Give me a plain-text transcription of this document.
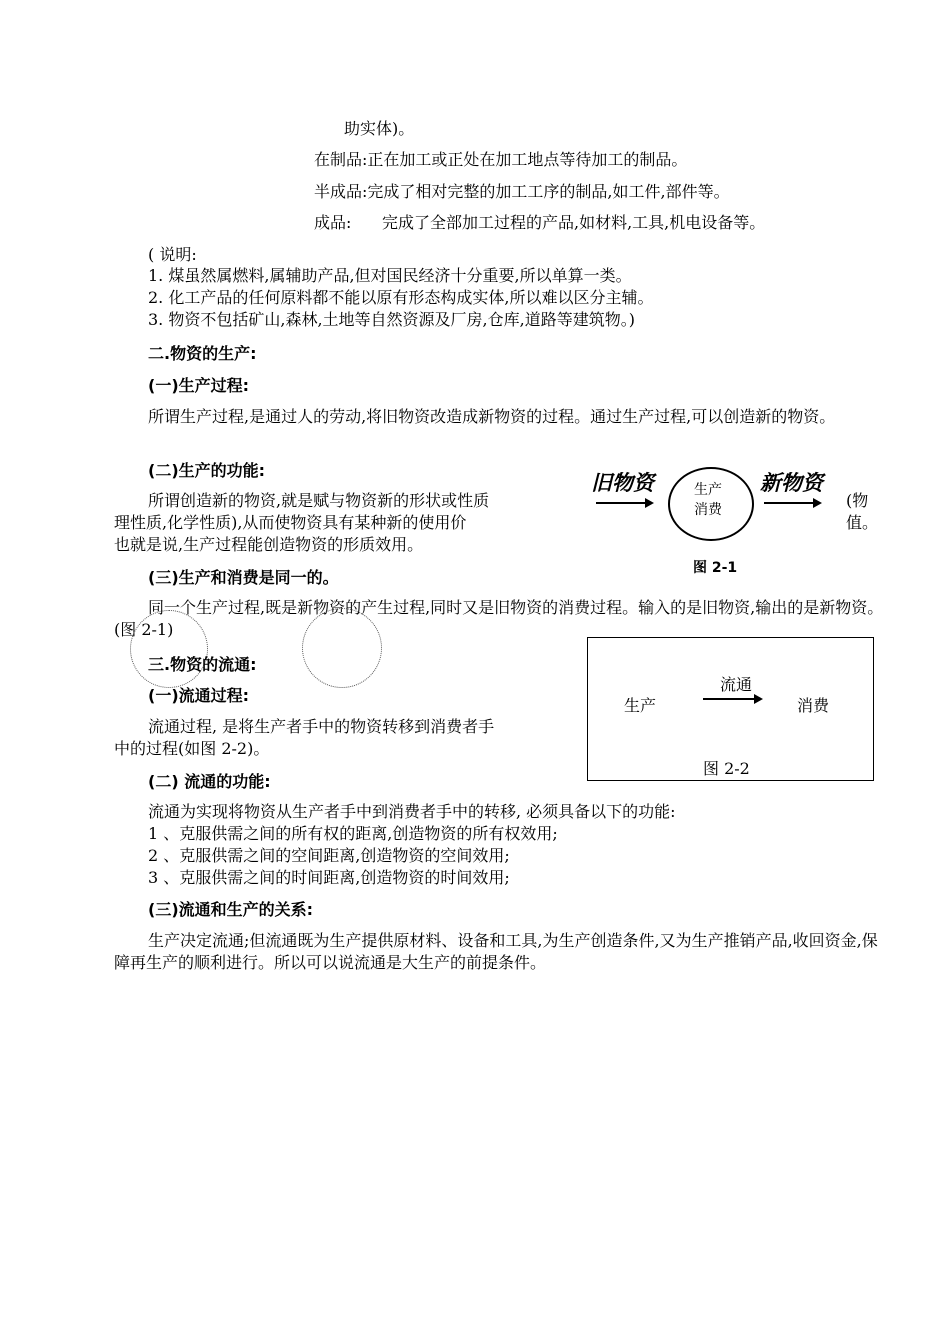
助实体)。
在制品:正在加工或正处在加工地点等待加工的制品。
半成品:完成了相对完整的加工工序的制品,如工件,部件等。
成品: 完成了全部加工过程的产品,如材料,工具,机电设备等。
( 说明:
1. 煤虽然属燃料,属辅助产品,但对国民经济十分重要,所以单算一类。
2. 化工产品的任何原料都不能以原有形态构成实体,所以难以区分主辅。
3. 物资不包括矿山,森林,土地等自然资源及厂房,仓库,道路等建筑物。)
二.物资的生产:
(一)生产过程:
所谓生产过程,是通过人的劳动,将旧物资改造成新物资的过程。通过生产过程,可以创造新的物资。
(二)生产的功能:
所谓创造新的物资,就是赋与物资新的形状或性质
理性质,化学性质),从而使物资具有某种新的使用价
也就是说,生产过程能创造物资的形质效用。
(物
值。
(三)生产和消费是同一的。
同一个生产过程,既是新物资的产生过程,同时又是旧物资的消费过程。输入的是旧物资,输出的是新物资。(图 2-1)
旧物资	生产
消费
新物资
图 2-1
三.物资的流通:
(一)流通过程:
流通过程, 是将生产者手中的物资转移到消费者手
中的过程(如图 2-2)。
(二) 流通的功能:
流通为实现将物资从生产者手中到消费者手中的转移, 必须具备以下的功能:
1 、克服供需之间的所有权的距离,创造物资的所有权效用;
2 、克服供需之间的空间距离,创造物资的空间效用;
3 、克服供需之间的时间距离,创造物资的时间效用;
(三)流通和生产的关系:
生产决定流通;但流通既为生产提供原材料、设备和工具,为生产创造条件,又为生产推销产品,收回资金,保障再生产的顺利进行。所以可以说流通是大生产的前提条件。
生产
流通
消费
图 2-2
